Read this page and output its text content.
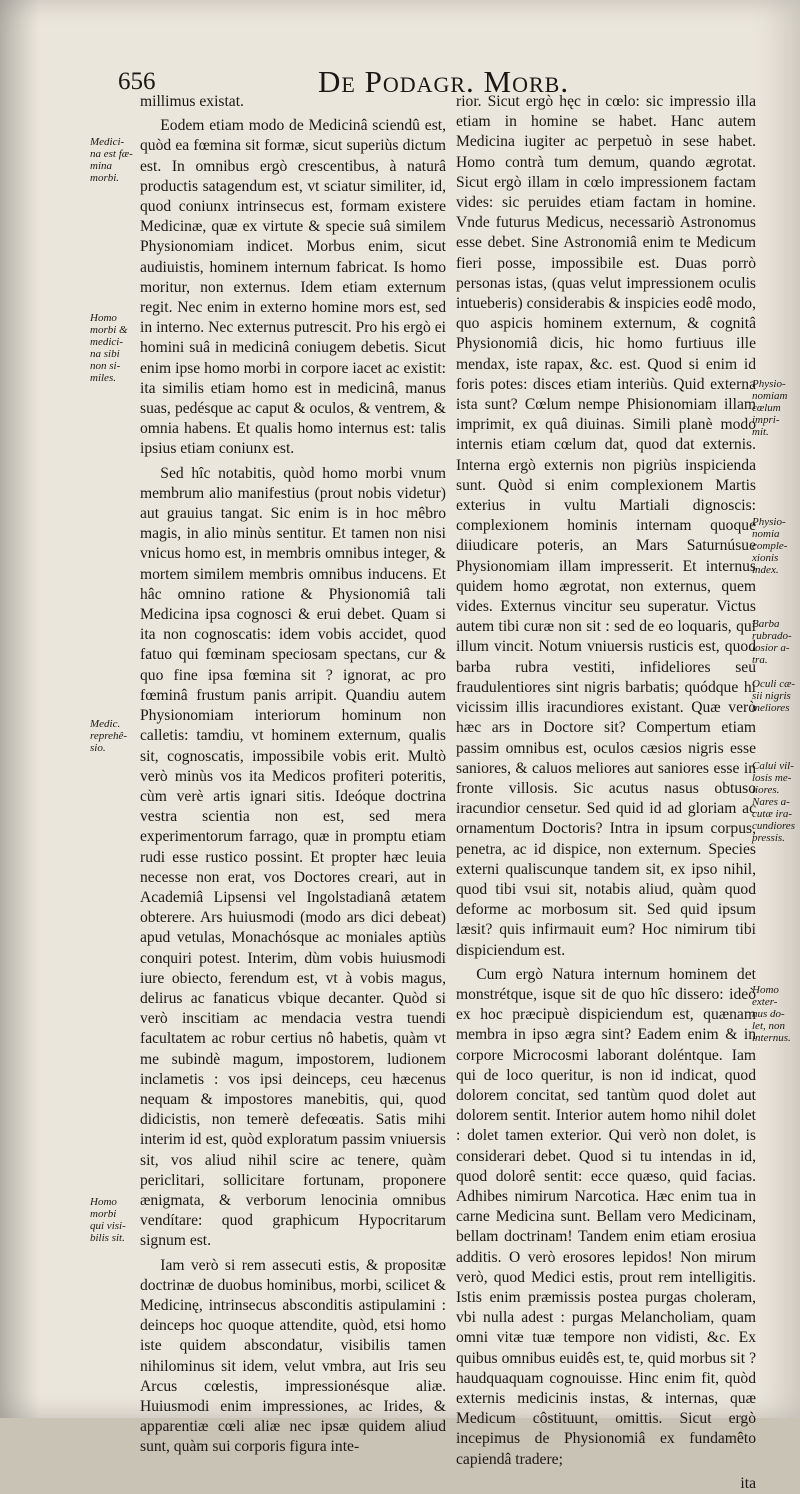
656	De Podagr. Morb.

millimus existat.

Eodem etiam modo de Medicinâ sciendû est, quòd ea fœmina sit formæ, sicut superiùs dictum est. In omnibus ergò crescentibus, à naturâ productis satagendum est, vt sciatur similiter, id, quod coniunx intrinsecus est, formam existere Medicinæ, quæ ex virtute & specie suâ similem Physionomiam indicet. Morbus enim, sicut audiuistis, hominem internum fabricat. Is homo moritur, non externus. Idem etiam externum regit. Nec enim in externo homine mors est, sed in interno. Nec externus putrescit. Pro his ergò ei homini suâ in medicinâ coniugem debetis. Sicut enim ipse homo morbi in corpore iacet ac existit: ita similis etiam homo est in medicinâ, manus suas, pedésque ac caput & oculos, & ventrem, & omnia habens. Et qualis homo internus est: talis ipsius etiam coniunx est.

Sed hîc notabitis, quòd homo morbi vnum membrum alio manifestius (prout nobis videtur) aut grauius tangat. Sic enim is in hoc mêbro magis, in alio minùs sentitur. Et tamen non nisi vnicus homo est, in membris omnibus integer, & mortem similem membris omnibus inducens. Et hâc omnino ratione & Physionomiâ tali Medicina ipsa cognosci & erui debet. Quam si ita non cognoscatis: idem vobis accidet, quod fatuo qui fœminam speciosam spectans, cur & quo fine ipsa fœmina sit ? ignorat, ac pro fœminâ frustum panis arripit. Quandiu autem Physionomiam interiorum hominum non calletis: tamdiu, vt hominem externum, qualis sit, cognoscatis, impossibile vobis erit. Multò verò minùs vos ita Medicos profiteri poteritis, cùm verè artis ignari sitis. Ideóque doctrina vestra scientia non est, sed mera experimentorum farrago, quæ in promptu etiam rudi esse rustico possint. Et propter hæc leuia necesse non erat, vos Doctores creari, aut in Academiâ Lipsensi vel Ingolstadianâ ætatem obterere. Ars huiusmodi (modo ars dici debeat) apud vetulas, Monachósque ac moniales aptiùs conquiri potest. Interim, dùm vobis huiusmodi iure obiecto, ferendum est, vt à vobis magus, delirus ac fanaticus vbique decanter. Quòd si verò inscitiam ac mendacia vestra tuendi facultatem ac robur certius nô habetis, quàm vt me subindè magum, impostorem, ludionem inclametis : vos ipsi deinceps, ceu hæcenus nequam & impostores manebitis, qui, quod didicistis, non temerè defeœatis. Satis mihi interim id est, quòd exploratum passim vniuersis sit, vos aliud nihil scire ac tenere, quàm periclitari, sollicitare fortunam, proponere ænigmata, & verborum lenocinia omnibus vendítare: quod graphicum Hypocritarum signum est.

Iam verò si rem assecuti estis, & propositæ doctrinæ de duobus hominibus, morbi, scilicet & Medicinę, intrinsecus absconditis astipulamini : deinceps hoc quoque attendite, quòd, etsi homo iste quidem abscondatur, visibilis tamen nihilominus sit idem, velut vmbra, aut Iris seu Arcus cœlestis, impressionésque aliæ. Huiusmodi enim impressiones, ac Irides, & apparentiæ cœli aliæ nec ipsæ quidem aliud sunt, quàm sui corporis figura inte-

rior. Sicut ergò hęc in cœlo: sic impressio illa etiam in homine se habet. Hanc autem Medicina iugiter ac perpetuò in sese habet. Homo contrà tum demum, quando ægrotat. Sicut ergò illam in cœlo impressionem factam vides: sic peruides etiam factam in homine. Vnde futurus Medicus, necessariò Astronomus esse debet. Sine Astronomiâ enim te Medicum fieri posse, impossibile est. Duas porrò personas istas, (quas velut impressionem oculis intueberis) considerabis & inspicies eodê modo, quo aspicis hominem externum, & cognitâ Physionomiâ dicis, hic homo furtiuus ille mendax, iste rapax, &c. est. Quod si enim id foris potes: disces etiam interiùs. Quid externa ista sunt? Cœlum nempe Phisionomiam illam imprimit, ex quâ diuinas. Simili planè modo internis etiam cœlum dat, quod dat externis. Interna ergò externis non pigriùs inspicienda sunt. Quòd si enim complexionem Martis exterius in vultu Martiali dignoscis: complexionem hominis internam quoque diiudicare poteris, an Mars Saturnúsue Physionomiam illam impresserit. Et internus quidem homo ægrotat, non externus, quem vides. Externus vincitur seu superatur. Victus autem tibi curæ non sit : sed de eo loquaris, qui illum vincit. Notum vniuersis rusticis est, quod barba rubra vestiti, infideliores seu fraudulentiores sint nigris barbatis; quódque hi vicissim illis iracundiores existant. Quæ verò hæc ars in Doctore sit? Compertum etiam passim omnibus est, oculos cæsios nigris esse saniores, & caluos meliores aut saniores esse in fronte villosis. Sic acutus nasus obtuso iracundior censetur. Sed quid id ad gloriam ac ornamentum Doctoris? Intra in ipsum corpus, penetra, ac id dispice, non externum. Species externi qualiscunque tandem sit, ex ipso nihil, quod tibi vsui sit, notabis aliud, quàm quod deforme ac morbosum sit. Sed quid ipsum læsit? quis infirmauit eum? Hoc nimirum tibi dispiciendum est.

Cum ergò Natura internum hominem det monstrétque, isque sit de quo hîc dissero: ideò ex hoc præcipuè dispiciendum est, quænam membra in ipso ægra sint? Eadem enim & in corpore Microcosmi laborant doléntque. Iam qui de loco queritur, is non id indicat, quod dolorem concitat, sed tantùm quod dolet aut dolorem sentit. Interior autem homo nihil dolet : dolet tamen exterior. Qui verò non dolet, is considerari debet. Quod si tu intendas in id, quod dolorê sentit: ecce quæso, quid facias. Adhibes nimirum Narcotica. Hæc enim tua in carne Medicina sunt. Bellam vero Medicinam, bellam doctrinam! Tandem enim etiam erosiua additis. O verò erosores lepidos! Non mirum verò, quod Medici estis, prout rem intelligitis. Istis enim præmissis postea purgas choleram, vbi nulla adest : purgas Melancholiam, quam omni vitæ tuæ tempore non vidisti, &c. Ex quibus omnibus euidês est, te, quid morbus sit ? haudquaquam cognouisse. Hinc enim fit, quòd externis medicinis instas, & internas, quæ Medicum côstituunt, omittis. Sicut ergò incepimus de Physionomiâ ex fundamêto capiendâ tradere;

ita

Medici-
na est fæ-
mina
morbi.
Homo
morbi &
medici-
na sibi
non si-
miles.
Medic.
reprehê-
sio.
Homo
morbi
qui visi-
bilis sit.
Physio-
nomiam
cœlum
impri-
mit.
Physio-
nomia
comple-
xionis
index.
Barba
rubrado-
losior a-
tra.
Oculi cæ-
sii nigris
meliores
Calui vil-
losis me-
liores.
Nares a-
cutæ ira-
cundiores
pressis.
Homo
exter-
nus do-
let, non
internus.
